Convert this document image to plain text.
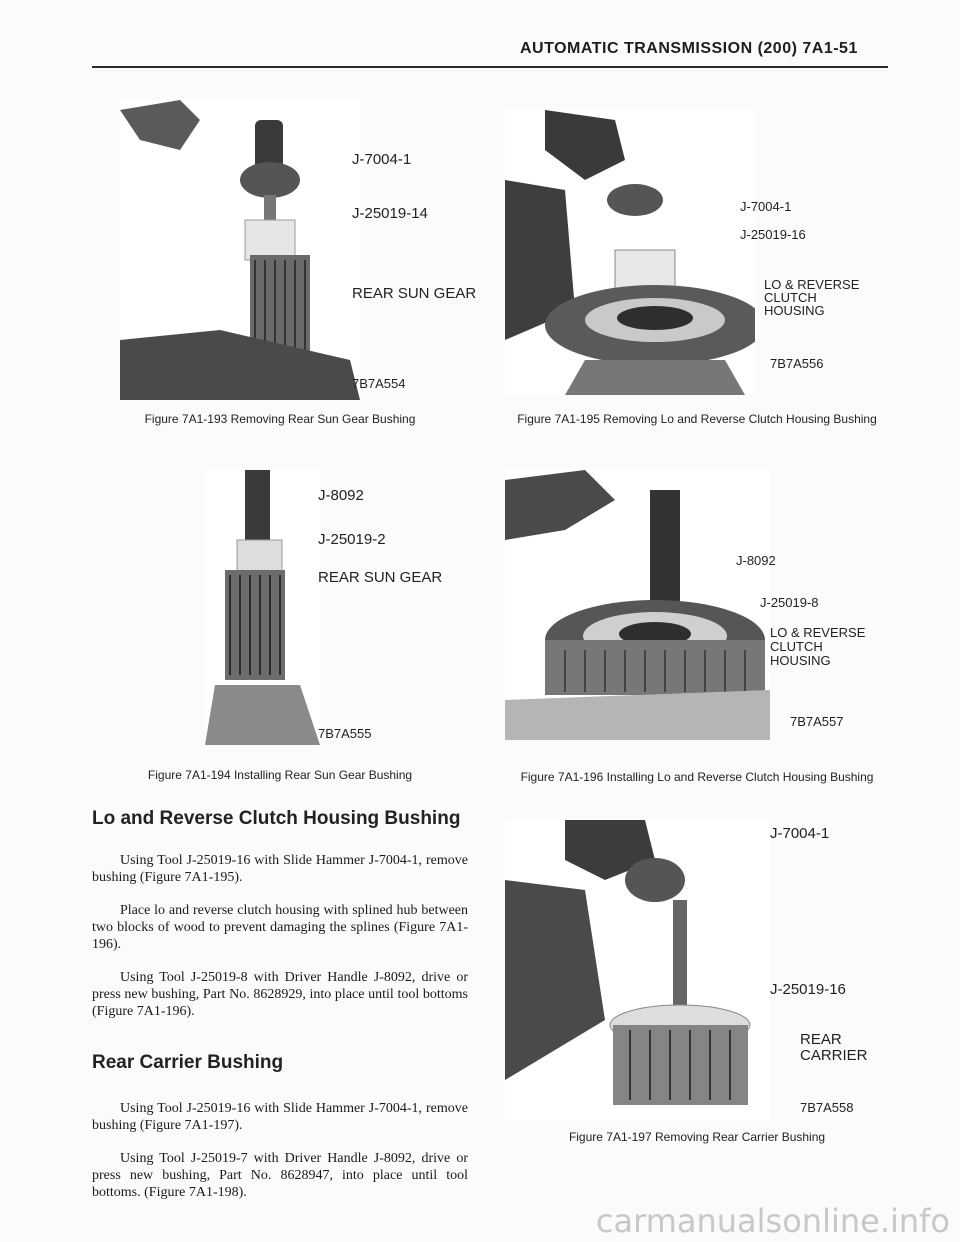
AUTOMATIC TRANSMISSION (200) 7A1-51
J-7004-1
J-25019-14
REAR SUN GEAR
7B7A554
Figure 7A1-193 Removing Rear Sun Gear Bushing
J-7004-1
J-25019-16
LO & REVERSE
CLUTCH
HOUSING
7B7A556
Figure 7A1-195 Removing Lo and Reverse Clutch Housing Bushing
J-8092
J-25019-2
REAR SUN GEAR
7B7A555
Figure 7A1-194 Installing Rear Sun Gear Bushing
J-8092
J-25019-8
LO & REVERSE
CLUTCH
HOUSING
7B7A557
Figure 7A1-196 Installing Lo and Reverse Clutch Housing Bushing
J-7004-1
J-25019-16
REAR
CARRIER
7B7A558
Figure 7A1-197 Removing Rear Carrier Bushing
Lo and Reverse Clutch Housing Bushing
Using Tool J-25019-16 with Slide Hammer J-7004-1, remove bushing (Figure 7A1-195).
Place lo and reverse clutch housing with splined hub between two blocks of wood to prevent damaging the splines (Figure 7A1-196).
Using Tool J-25019-8 with Driver Handle J-8092, drive or press new bushing, Part No. 8628929, into place until tool bottoms (Figure 7A1-196).
Rear Carrier Bushing
Using Tool J-25019-16 with Slide Hammer J-7004-1, remove bushing (Figure 7A1-197).
Using Tool J-25019-7 with Driver Handle J-8092, drive or press new bushing, Part No. 8628947, into place until tool bottoms. (Figure 7A1-198).
carmanualsonline.info
